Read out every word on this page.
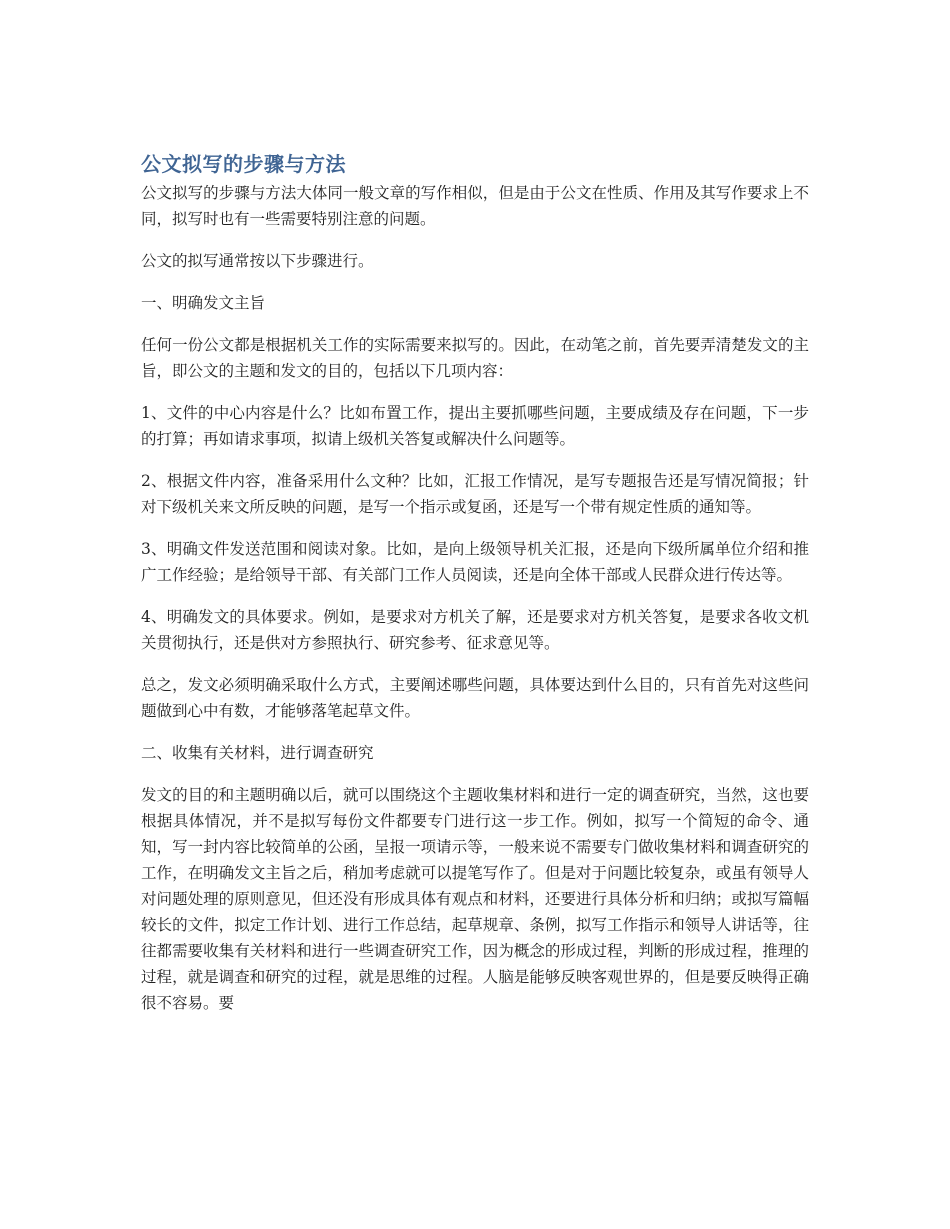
公文拟写的步骤与方法

公文拟写的步骤与方法大体同一般文章的写作相似，但是由于公文在性质、作用及其写作要求上不同，拟写时也有一些需要特别注意的问题。

公文的拟写通常按以下步骤进行。

一、明确发文主旨

任何一份公文都是根据机关工作的实际需要来拟写的。因此，在动笔之前，首先要弄清楚发文的主旨，即公文的主题和发文的目的，包括以下几项内容：

1、文件的中心内容是什么？比如布置工作，提出主要抓哪些问题，主要成绩及存在问题，下一步的打算；再如请求事项，拟请上级机关答复或解决什么问题等。

2、根据文件内容，准备采用什么文种？比如，汇报工作情况，是写专题报告还是写情况简报；针对下级机关来文所反映的问题，是写一个指示或复函，还是写一个带有规定性质的通知等。

3、明确文件发送范围和阅读对象。比如，是向上级领导机关汇报，还是向下级所属单位介绍和推广工作经验；是给领导干部、有关部门工作人员阅读，还是向全体干部或人民群众进行传达等。

4、明确发文的具体要求。例如，是要求对方机关了解，还是要求对方机关答复，是要求各收文机关贯彻执行，还是供对方参照执行、研究参考、征求意见等。

总之，发文必须明确采取什么方式，主要阐述哪些问题，具体要达到什么目的，只有首先对这些问题做到心中有数，才能够落笔起草文件。

二、收集有关材料，进行调查研究

发文的目的和主题明确以后，就可以围绕这个主题收集材料和进行一定的调查研究，当然，这也要根据具体情况，并不是拟写每份文件都要专门进行这一步工作。例如，拟写一个简短的命令、通知，写一封内容比较简单的公函，呈报一项请示等，一般来说不需要专门做收集材料和调查研究的工作，在明确发文主旨之后，稍加考虑就可以提笔写作了。但是对于问题比较复杂，或虽有领导人对问题处理的原则意见，但还没有形成具体有观点和材料，还要进行具体分析和归纳；或拟写篇幅较长的文件，拟定工作计划、进行工作总结，起草规章、条例，拟写工作指示和领导人讲话等，往往都需要收集有关材料和进行一些调查研究工作，因为概念的形成过程，判断的形成过程，推理的过程，就是调查和研究的过程，就是思维的过程。人脑是能够反映客观世界的，但是要反映得正确很不容易。要
